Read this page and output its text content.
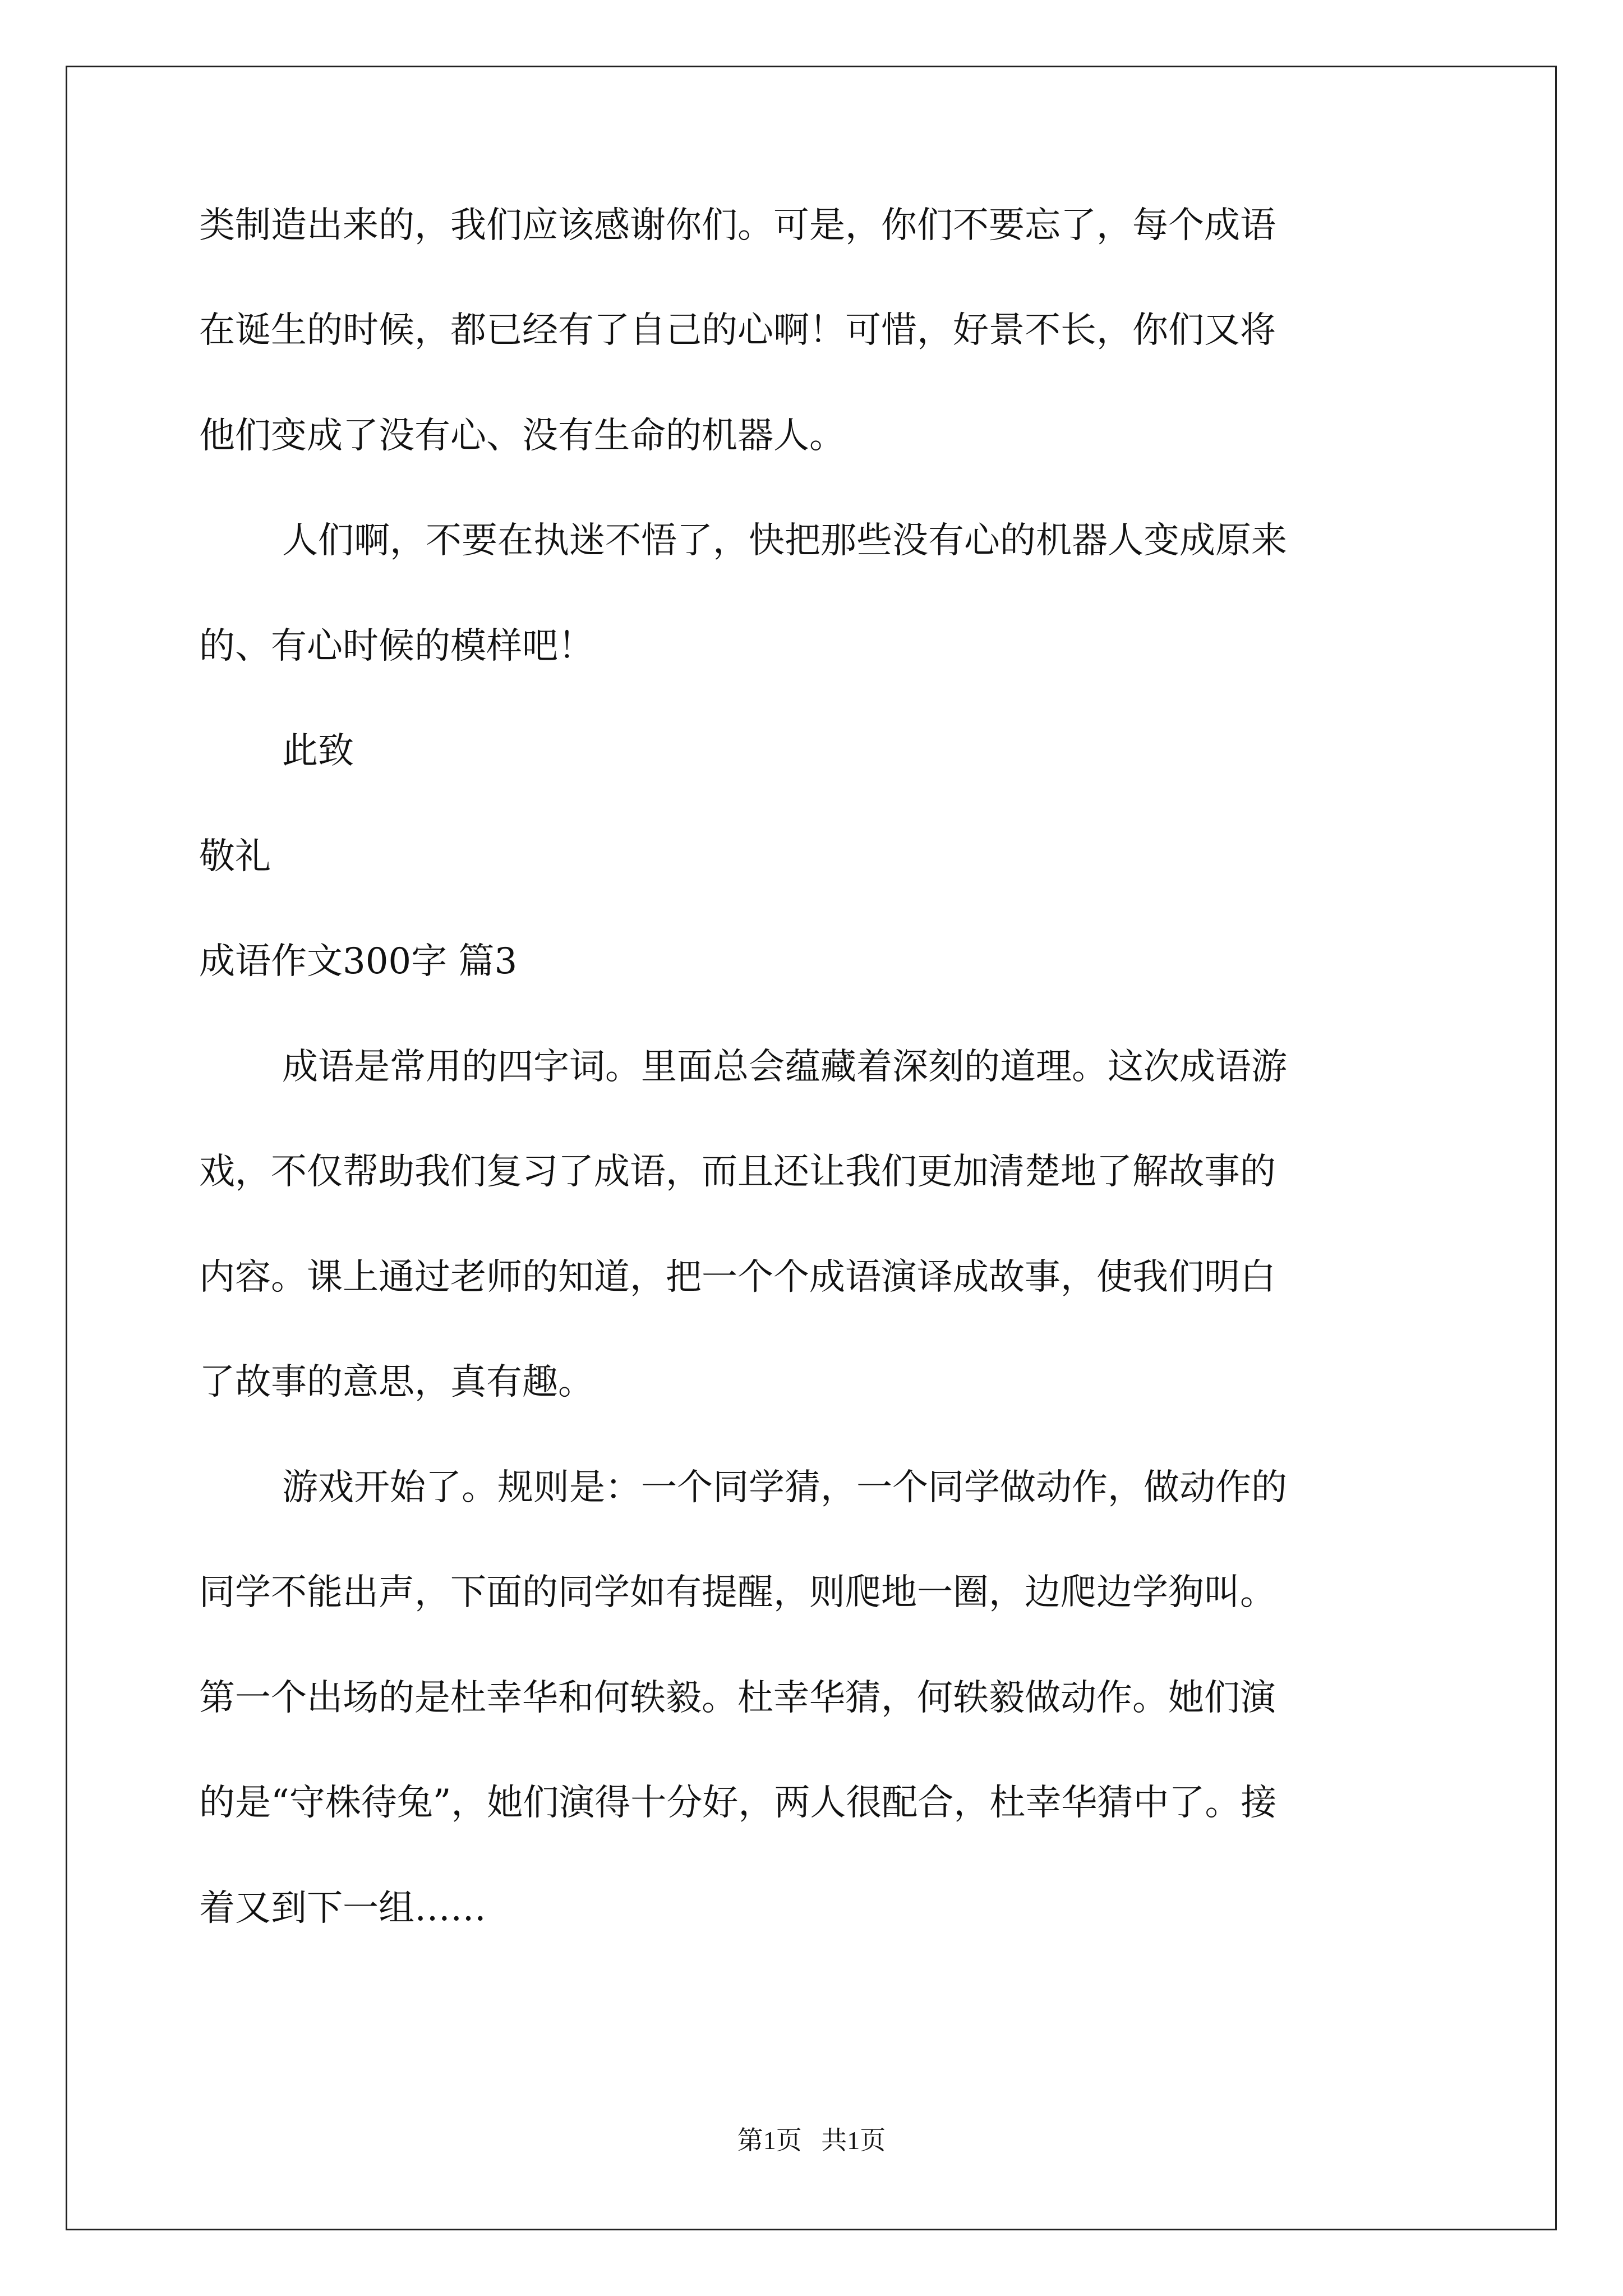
类制造出来的，我们应该感谢你们。可是，你们不要忘了，每个成语

在诞生的时候，都已经有了自己的心啊！可惜，好景不长，你们又将

他们变成了没有心、没有生命的机器人。

人们啊，不要在执迷不悟了，快把那些没有心的机器人变成原来

的、有心时候的模样吧！

此致

敬礼

成语作文300字 篇3

成语是常用的四字词。里面总会蕴藏着深刻的道理。这次成语游

戏，不仅帮助我们复习了成语，而且还让我们更加清楚地了解故事的

内容。课上通过老师的知道，把一个个成语演译成故事，使我们明白

了故事的意思，真有趣。

游戏开始了。规则是：一个同学猜，一个同学做动作，做动作的

同学不能出声，下面的同学如有提醒，则爬地一圈，边爬边学狗叫。

第一个出场的是杜幸华和何轶毅。杜幸华猜，何轶毅做动作。她们演

的是“守株待兔”，她们演得十分好，两人很配合，杜幸华猜中了。接

着又到下一组……

第1页   共1页
